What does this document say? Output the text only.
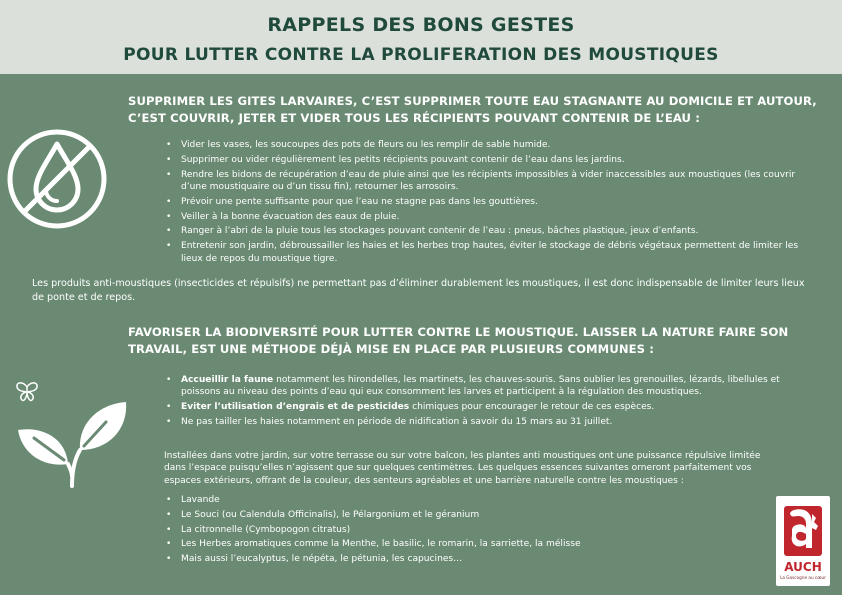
RAPPELS DES BONS GESTES
POUR LUTTER CONTRE LA PROLIFERATION DES MOUSTIQUES
SUPPRIMER LES GITES LARVAIRES, C’EST SUPPRIMER TOUTE EAU STAGNANTE AU DOMICILE ET AUTOUR,
C’EST COUVRIR, JETER ET VIDER TOUS LES RÉCIPIENTS POUVANT CONTENIR DE L’EAU :
• Vider les vases, les soucoupes des pots de fleurs ou les remplir de sable humide.
• Supprimer ou vider régulièrement les petits récipients pouvant contenir de l’eau dans les jardins.
• Rendre les bidons de récupération d’eau de pluie ainsi que les récipients impossibles à vider inaccessibles aux moustiques (les couvrir d’une moustiquaire ou d’un tissu fin), retourner les arrosoirs.
• Prévoir une pente suffisante pour que l’eau ne stagne pas dans les gouttières.
• Veiller à la bonne évacuation des eaux de pluie.
• Ranger à l’abri de la pluie tous les stockages pouvant contenir de l’eau : pneus, bâches plastique, jeux d’enfants.
• Entretenir son jardin, débroussailler les haies et les herbes trop hautes, éviter le stockage de débris végétaux permettent de limiter les lieux de repos du moustique tigre.
Les produits anti-moustiques (insecticides et répulsifs) ne permettant pas d’éliminer durablement les moustiques, il est donc indispensable de limiter leurs lieux de ponte et de repos.
FAVORISER LA BIODIVERSITÉ POUR LUTTER CONTRE LE MOUSTIQUE. LAISSER LA NATURE FAIRE SON
TRAVAIL, EST UNE MÉTHODE DÉJÀ MISE EN PLACE PAR PLUSIEURS COMMUNES :
• Accueillir la faune notamment les hirondelles, les martinets, les chauves-souris. Sans oublier les grenouilles, lézards, libellules et poissons au niveau des points d’eau qui eux consomment les larves et participent à la régulation des moustiques.
• Eviter l’utilisation d’engrais et de pesticides chimiques pour encourager le retour de ces espèces.
• Ne pas tailler les haies notamment en période de nidification à savoir du 15 mars au 31 juillet.
Installées dans votre jardin, sur votre terrasse ou sur votre balcon, les plantes anti moustiques ont une puissance répulsive limitée dans l’espace puisqu’elles n’agissent que sur quelques centimètres. Les quelques essences suivantes orneront parfaitement vos espaces extérieurs, offrant de la couleur, des senteurs agréables et une barrière naturelle contre les moustiques :
• Lavande
• Le Souci (ou Calendula Officinalis), le Pélargonium et le géranium
• La citronnelle (Cymbopogon citratus)
• Les Herbes aromatiques comme la Menthe, le basilic, le romarin, la sarriette, la mélisse
• Mais aussi l’eucalyptus, le népéta, le pétunia, les capucines…
AUCH
La Gascogne au cœur
